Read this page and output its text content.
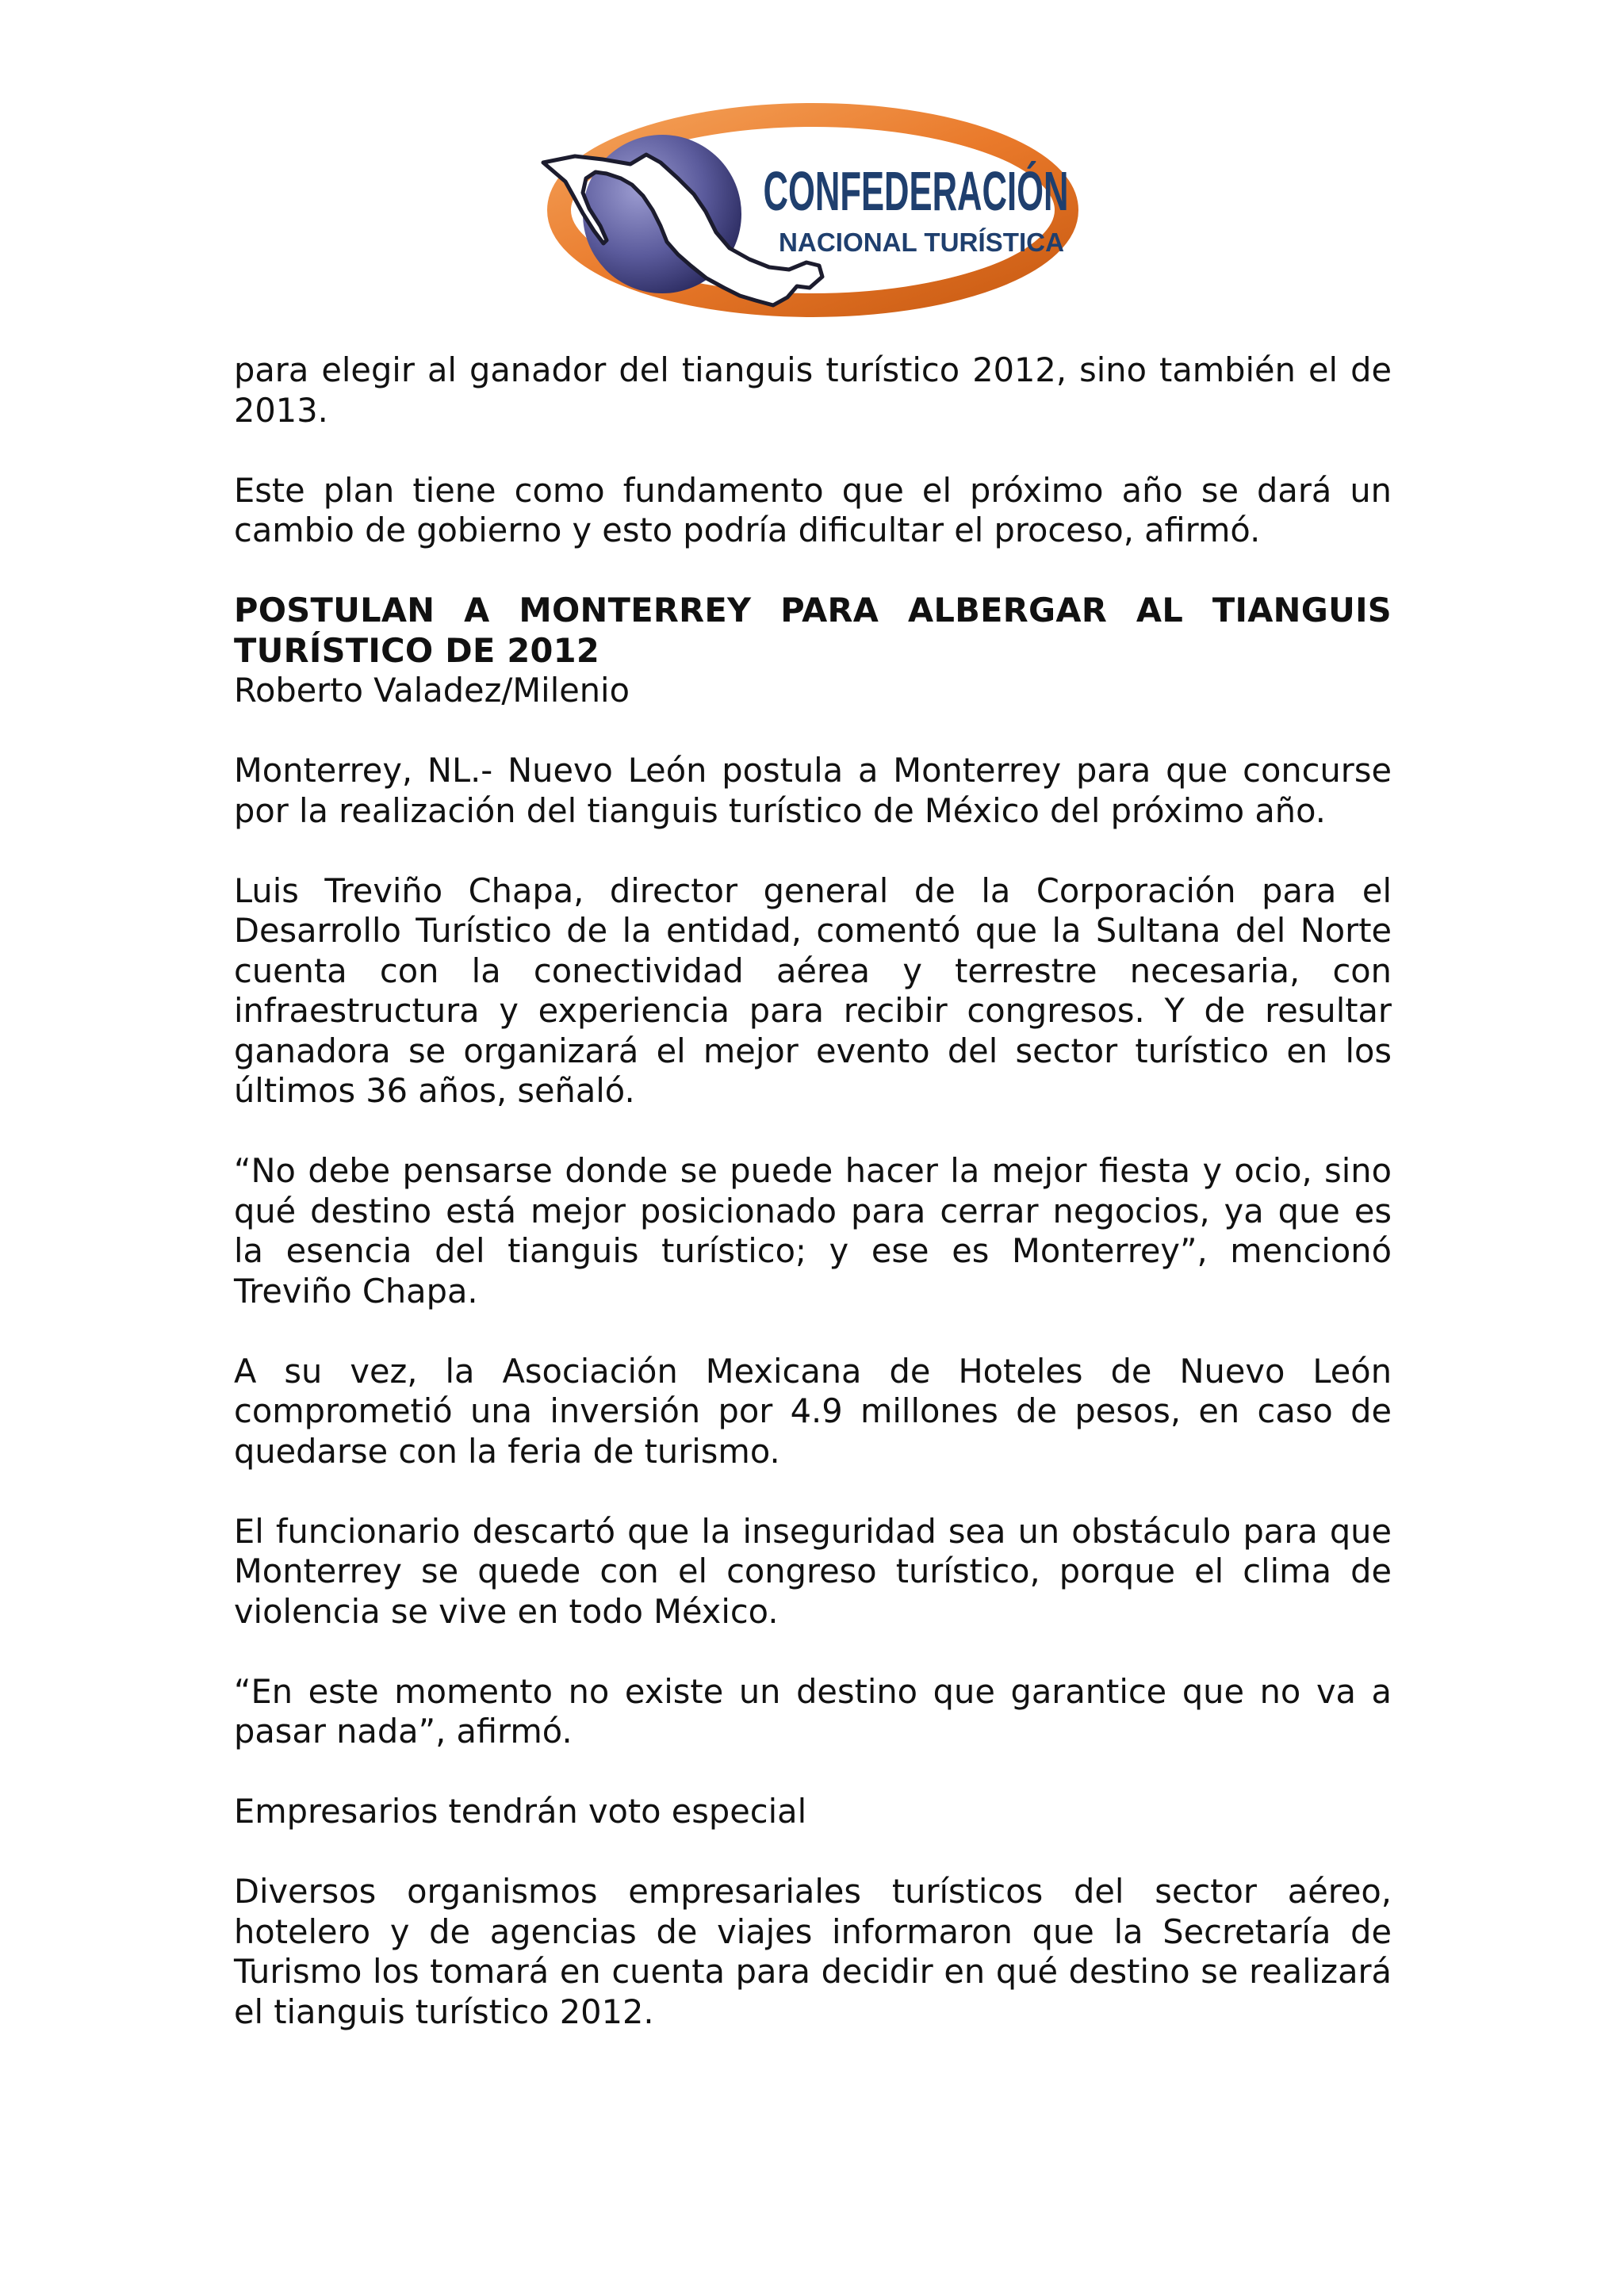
CONFEDERACIÓN
NACIONAL TURÍSTICA

para elegir al ganador del tianguis turístico 2012, sino también el de 2013.

Este plan tiene como fundamento que el próximo año se dará un cambio de gobierno y esto podría dificultar el proceso, afirmó.

POSTULAN A MONTERREY PARA ALBERGAR AL TIANGUIS TURÍSTICO DE 2012

Roberto Valadez/Milenio

Monterrey, NL.- Nuevo León postula a Monterrey para que concurse por la realización del tianguis turístico de México del próximo año.

Luis Treviño Chapa, director general de la Corporación para el Desarrollo Turístico de la entidad, comentó que la Sultana del Norte cuenta con la conectividad aérea y terrestre necesaria, con infraestructura y experiencia para recibir congresos. Y de resultar ganadora se organizará el mejor evento del sector turístico en los últimos 36 años, señaló.

“No debe pensarse donde se puede hacer la mejor fiesta y ocio, sino qué destino está mejor posicionado para cerrar negocios, ya que es la esencia del tianguis turístico; y ese es Monterrey”, mencionó Treviño Chapa.

A su vez, la Asociación Mexicana de Hoteles de Nuevo León comprometió una inversión por 4.9 millones de pesos, en caso de quedarse con la feria de turismo.

El funcionario descartó que la inseguridad sea un obstáculo para que Monterrey se quede con el congreso turístico, porque el clima de violencia se vive en todo México.

“En este momento no existe un destino que garantice que no va a pasar nada”, afirmó.

Empresarios tendrán voto especial

Diversos organismos empresariales turísticos del sector aéreo, hotelero y de agencias de viajes informaron que la Secretaría de Turismo los tomará en cuenta para decidir en qué destino se realizará el tianguis turístico 2012.
